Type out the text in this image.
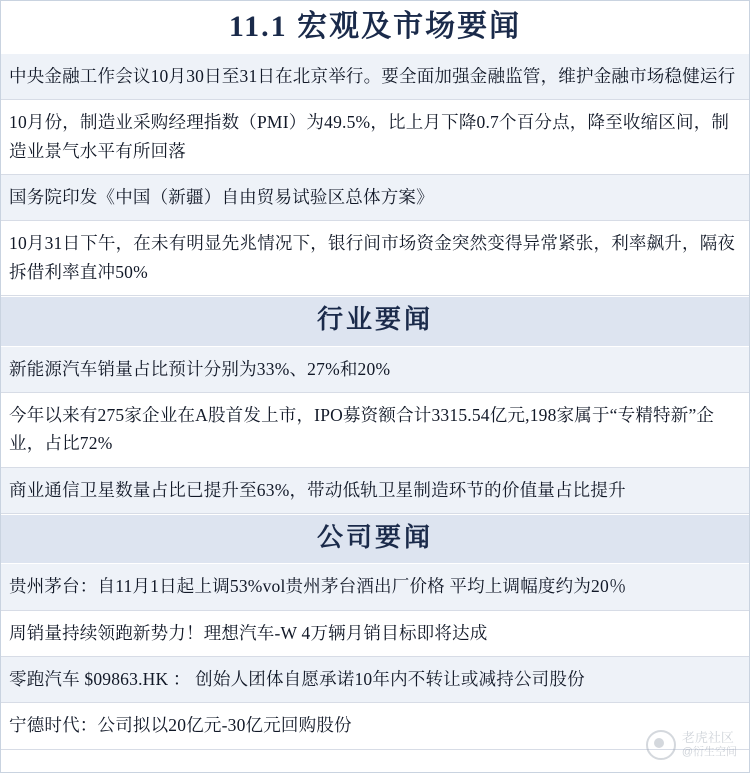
11.1 宏观及市场要闻
中央金融工作会议10月30日至31日在北京举行。要全面加强金融监管，维护金融市场稳健运行
10月份，制造业采购经理指数（PMI）为49.5%，比上月下降0.7个百分点，降至收缩区间，制造业景气水平有所回落
国务院印发《中国（新疆）自由贸易试验区总体方案》
10月31日下午，在未有明显先兆情况下，银行间市场资金突然变得异常紧张，利率飙升，隔夜拆借利率直冲50%
行业要闻
新能源汽车销量占比预计分别为33%、27%和20%
今年以来有275家企业在A股首发上市，IPO募资额合计3315.54亿元,198家属于“专精特新”企业，占比72%
商业通信卫星数量占比已提升至63%，带动低轨卫星制造环节的价值量占比提升
公司要闻
贵州茅台：自11月1日起上调53%vol贵州茅台酒出厂价格 平均上调幅度约为20％
周销量持续领跑新势力！理想汽车-W 4万辆月销目标即将达成
零跑汽车 $09863.HK ： 创始人团体自愿承诺10年内不转让或减持公司股份
宁德时代：公司拟以20亿元-30亿元回购股份
老虎社区
@衍生空间
